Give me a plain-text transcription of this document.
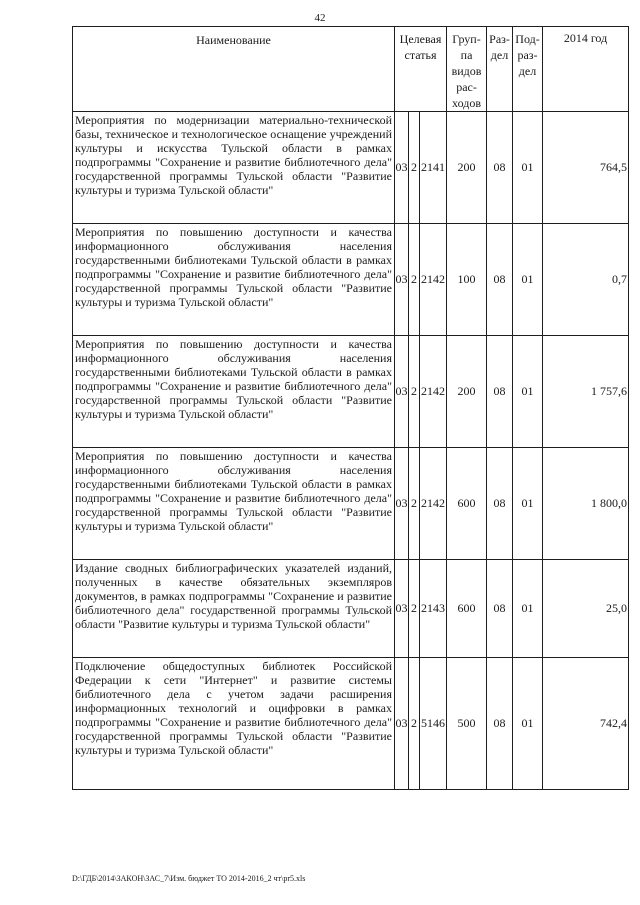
42
Наименование	Целевая статья			Груп-па видов рас-ходов	Раз-дел	Под-раз-дел	2014 год
Мероприятия по модернизации материально-технической базы, техническое и технологическое оснащение учреждений культуры и искусства Тульской области в рамках подпрограммы "Сохранение и развитие библиотечного дела" государственной программы Тульской области "Развитие культуры и туризма Тульской области"	03	2	2141	200	08	01	764,5
Мероприятия по повышению доступности и качества информационного обслуживания населения государственными библиотеками Тульской области в рамках подпрограммы "Сохранение и развитие библиотечного дела" государственной программы Тульской области "Развитие культуры и туризма Тульской области"	03	2	2142	100	08	01	0,7
Мероприятия по повышению доступности и качества информационного обслуживания населения государственными библиотеками Тульской области в рамках подпрограммы "Сохранение и развитие библиотечного дела" государственной программы Тульской области "Развитие культуры и туризма Тульской области"	03	2	2142	200	08	01	1 757,6
Мероприятия по повышению доступности и качества информационного обслуживания населения государственными библиотеками Тульской области в рамках подпрограммы "Сохранение и развитие библиотечного дела" государственной программы Тульской области "Развитие культуры и туризма Тульской области"	03	2	2142	600	08	01	1 800,0
Издание сводных библиографических указателей изданий, полученных в качестве обязательных экземпляров документов, в рамках подпрограммы "Сохранение и развитие библиотечного дела" государственной программы Тульской области "Развитие культуры и туризма Тульской области"	03	2	2143	600	08	01	25,0
Подключение общедоступных библиотек Российской Федерации к сети "Интернет" и развитие системы библиотечного дела с учетом задачи расширения информационных технологий и оцифровки в рамках подпрограммы "Сохранение и развитие библиотечного дела" государственной программы Тульской области "Развитие культуры и туризма Тульской области"	03	2	5146	500	08	01	742,4
D:\ГДБ\2014\ЗАКОН\ЗАС_7\Изм. бюджет ТО 2014-2016_2 чт\pr5.xls
